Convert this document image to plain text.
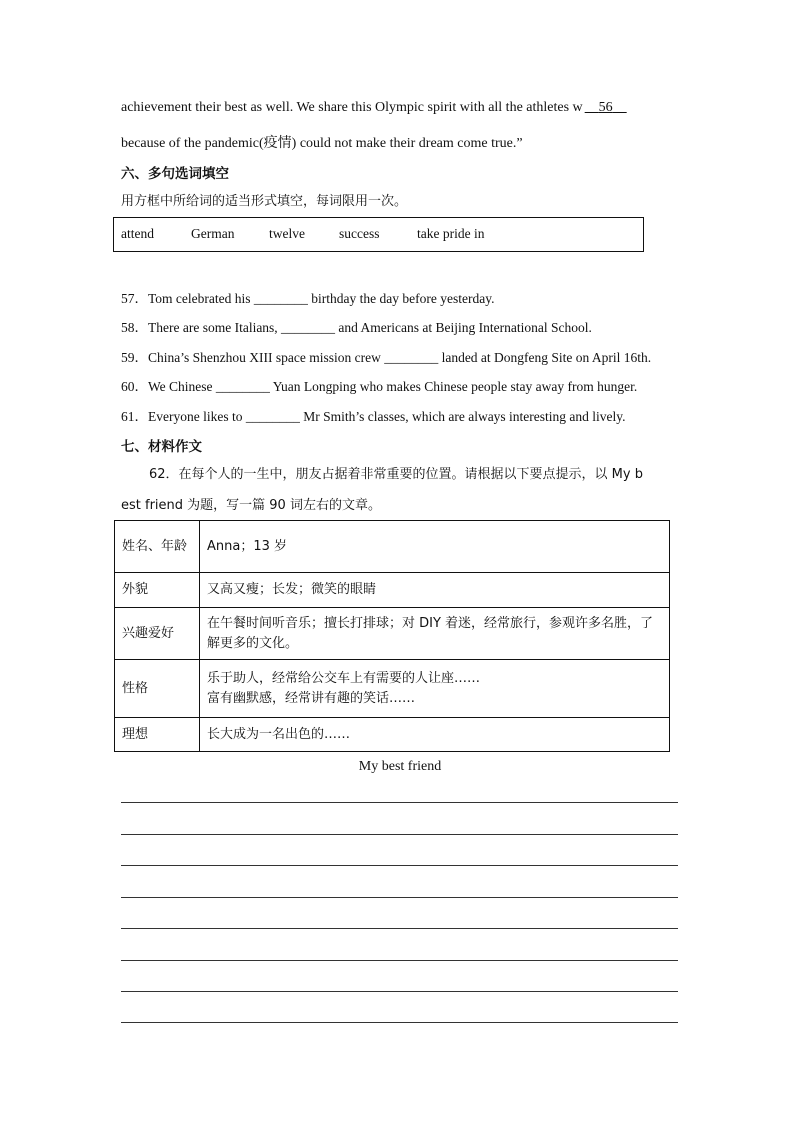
achievement their best as well. We share this Olympic spirit with all the athletes w 56
because of the pandemic(疫情) could not make their dream come true.”
六、多句选词填空
用方框中所给词的适当形式填空，每词限用一次。
attend	German	twelve	success	take pride in
57．Tom celebrated his ________ birthday the day before yesterday.
58．There are some Italians, ________ and Americans at Beijing International School.
59．China’s Shenzhou XIII space mission crew ________ landed at Dongfeng Site on April 16th.
60．We Chinese ________ Yuan Longping who makes Chinese people stay away from hunger.
61．Everyone likes to ________ Mr Smith’s classes, which are always interesting and lively.
七、材料作文
62．在每个人的一生中，朋友占据着非常重要的位置。请根据以下要点提示，以 My b
est friend 为题，写一篇 90 词左右的文章。
姓名、年龄	Anna；13 岁
外貌	又高又瘦；长发；微笑的眼睛
兴趣爱好	在午餐时间听音乐；擅长打排球；对 DIY 着迷，经常旅行，参观许多名胜，了解更多的文化。
性格	乐于助人，经常给公交车上有需要的人让座……
富有幽默感，经常讲有趣的笑话……

理想	长大成为一名出色的……
My best friend
